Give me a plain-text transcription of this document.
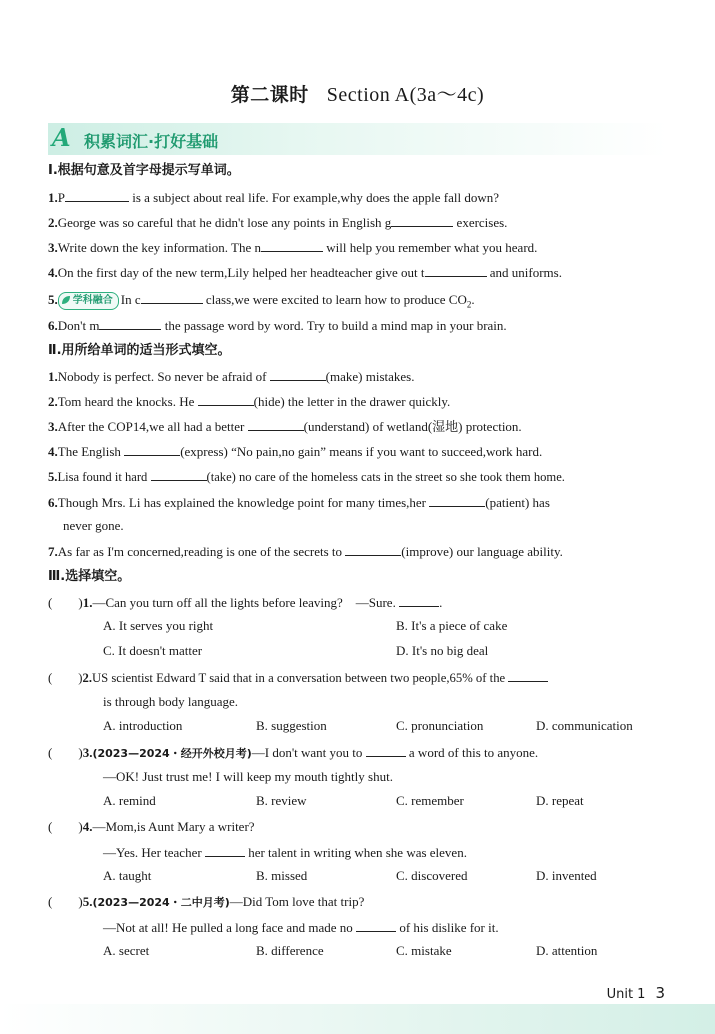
第二课时 Section A(3a～4c)
A 积累词汇·打好基础
Ⅰ.根据句意及首字母提示写单词。
1.P	is a subject about real life. For example,why does the apple fall down?
2.George was so careful that he didn't lose any points in English g	exercises.
3.Write down the key information. The n	will help you remember what you heard.
4.On the first day of the new term,Lily helped her headteacher give out t	and uniforms.
5. 学科融合 In c	class,we were excited to learn how to produce $CO_2$.
6.Don't m	the passage word by word. Try to build a mind map in your brain.
Ⅱ.用所给单词的适当形式填空。
1.Nobody is perfect. So never be afraid of	(make) mistakes.
2.Tom heard the knocks. He	(hide) the letter in the drawer quickly.
3.After the COP14,we all had a better	(understand) of wetland(湿地) protection.
4.The English	(express) “No pain,no gain” means if you want to succeed,work hard.
5.Lisa found it hard	(take) no care of the homeless cats in the street so she took them home.
6.Though Mrs. Li has explained the knowledge point for many times,her	(patient) has
never gone.
7.As far as I'm concerned,reading is one of the secrets to	(improve) our language ability.
Ⅲ.选择填空。
( )1.—Can you turn off all the lights before leaving?　—Sure.	.
A. It serves you right	B. It's a piece of cake
C. It doesn't matter	D. It's no big deal
( )2.US scientist Edward T said that in a conversation between two people,65% of the
is through body language.
A. introduction	B. suggestion	C. pronunciation	D. communication
( )3.(2023—2024・经开外校月考)—I don't want you to	a word of this to anyone.
—OK! Just trust me! I will keep my mouth tightly shut.
A. remind	B. review	C. remember	D. repeat
( )4.—Mom,is Aunt Mary a writer?
—Yes. Her teacher	her talent in writing when she was eleven.
A. taught	B. missed	C. discovered	D. invented
( )5.(2023—2024・二中月考)—Did Tom love that trip?
—Not at all! He pulled a long face and made no	of his dislike for it.
A. secret	B. difference	C. mistake	D. attention
Unit 1 3
